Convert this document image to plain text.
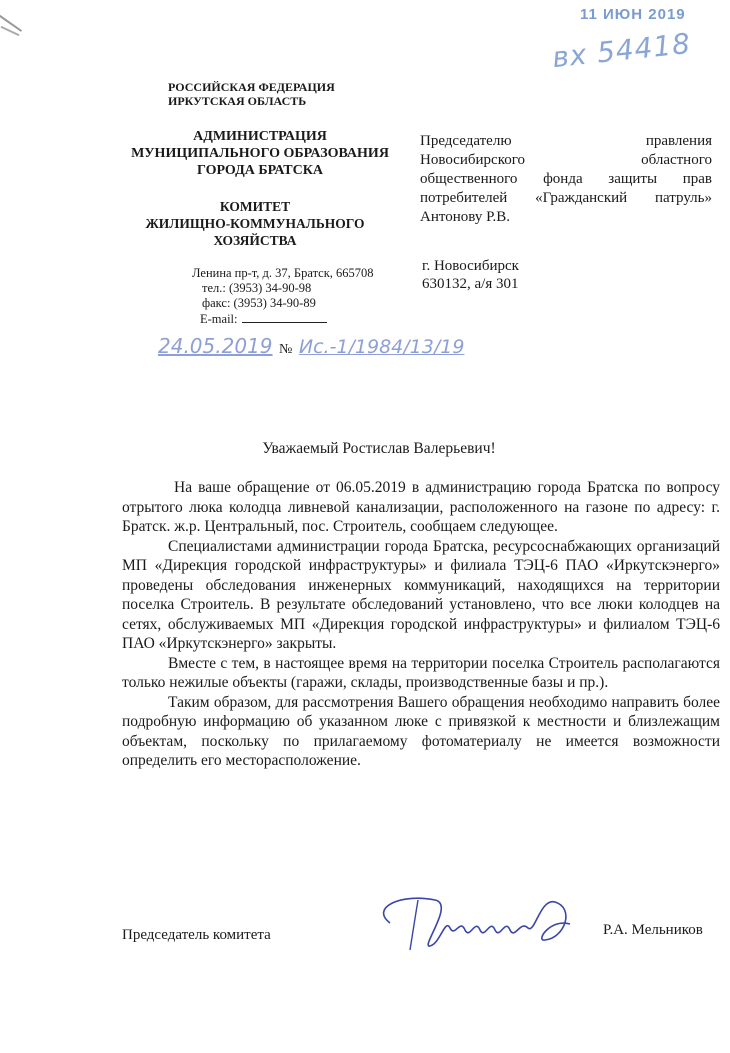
11 ИЮН 2019
вх 54418
РОССИЙСКАЯ ФЕДЕРАЦИЯ
ИРКУТСКАЯ ОБЛАСТЬ
АДМИНИСТРАЦИЯ
МУНИЦИПАЛЬНОГО ОБРАЗОВАНИЯ
ГОРОДА БРАТСКА
КОМИТЕТ
ЖИЛИЩНО-КОММУНАЛЬНОГО
ХОЗЯЙСТВА
Ленина пр-т, д. 37, Братск, 665708
тел.: (3953) 34-90-98
факс: (3953) 34-90-89
E-mail:
24.05.2019 № Ис.-1/1984/13/19
Председателю правления
Новосибирского областного
общественного фонда защиты прав
потребителей «Гражданский патруль»
Антонову Р.В.
г. Новосибирск
630132, а/я 301
Уважаемый Ростислав Валерьевич!

На ваше обращение от 06.05.2019 в администрацию города Братска по вопросу отрытого люка колодца ливневой канализации, расположенного на газоне по адресу: г. Братск. ж.р. Центральный, пос. Строитель, сообщаем следующее.

Специалистами администрации города Братска, ресурсоснабжающих организаций МП «Дирекция городской инфраструктуры» и филиала ТЭЦ-6 ПАО «Иркутскэнерго» проведены обследования инженерных коммуникаций, находящихся на территории поселка Строитель. В результате обследований установлено, что все люки колодцев на сетях, обслуживаемых МП «Дирекция городской инфраструктуры» и филиалом ТЭЦ-6 ПАО «Иркутскэнерго» закрыты.

Вместе с тем, в настоящее время на территории поселка Строитель располагаются только нежилые объекты (гаражи, склады, производственные базы и пр.).

Таким образом, для рассмотрения Вашего обращения необходимо направить более подробную информацию об указанном люке с привязкой к местности и близлежащим объектам, поскольку по прилагаемому фотоматериалу не имеется возможности определить его месторасположение.

Председатель комитета	Р.А. Мельников
